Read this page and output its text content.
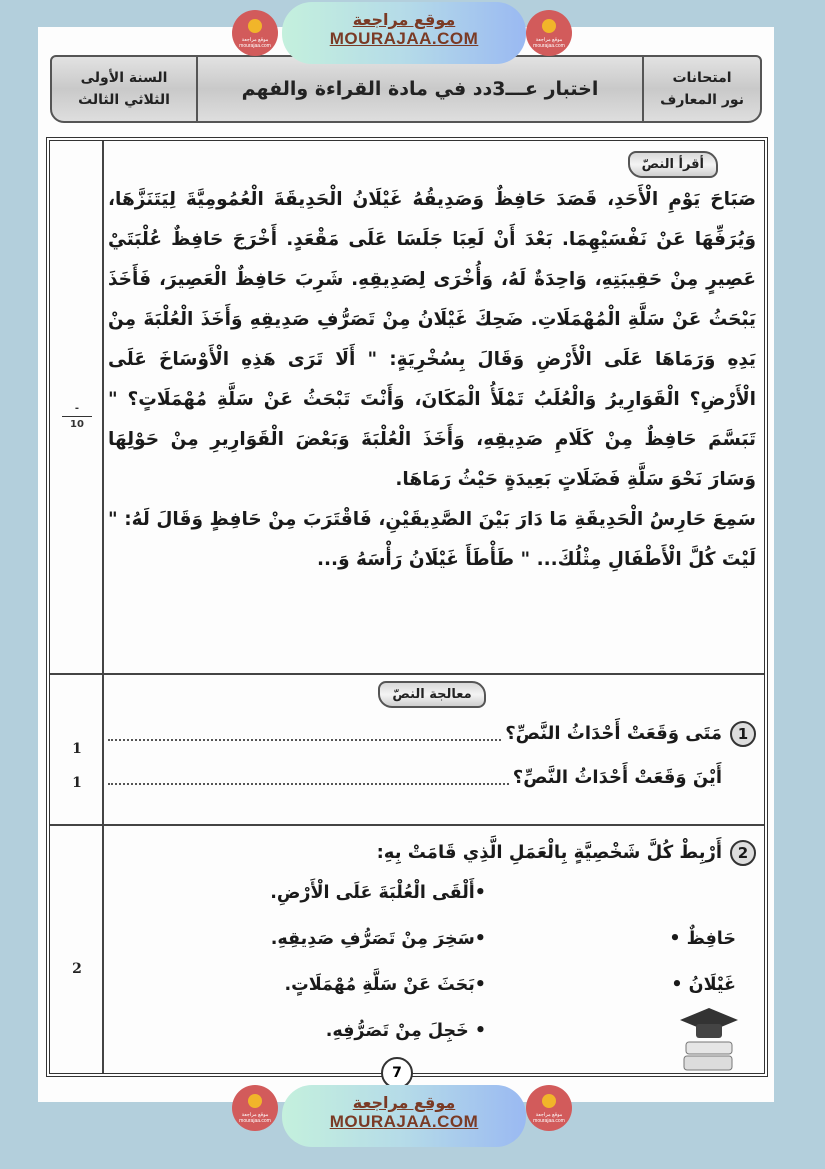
موقع مراجعة mourajaa.com
موقع مراجعة
MOURAJAA.COM	موقع مراجعة mourajaa.com
السنة الأولى
الثلاثي الثالث	اختبار عـــ3دد في مادة القراءة والفهم	امتحانات
نور المعارف
-
10
1
1
2
أقرأ النصّ

صَبَاحَ يَوْمِ الْأَحَدِ، قَصَدَ حَافِظٌ وَصَدِيقُهُ غَيْلَانُ الْحَدِيقَةَ الْعُمُومِيَّةَ لِيَتَنَزَّهَا، وَيُرَفِّهَا عَنْ نَفْسَيْهِمَا. بَعْدَ أَنْ لَعِبَا جَلَسَا عَلَى مَقْعَدٍ. أَخْرَجَ حَافِظٌ عُلْبَتَيْ عَصِيرٍ مِنْ حَقِيبَتِهِ، وَاحِدَةٌ لَهُ، وَأُخْرَى لِصَدِيقِهِ. شَرِبَ حَافِظٌ الْعَصِيرَ، فَأَخَذَ يَبْحَثُ عَنْ سَلَّةِ الْمُهْمَلَاتِ. ضَحِكَ غَيْلَانُ مِنْ تَصَرُّفِ صَدِيقِهِ وَأَخَذَ الْعُلْبَةَ مِنْ يَدِهِ وَرَمَاهَا عَلَى الْأَرْضِ وَقَالَ بِسُخْرِيَةٍ: " أَلَا تَرَى هَذِهِ الْأَوْسَاخَ عَلَى الْأَرْضِ؟ الْقَوَارِيرُ وَالْعُلَبُ تَمْلَأُ الْمَكَانَ، وَأَنْتَ تَبْحَثُ عَنْ سَلَّةِ مُهْمَلَاتٍ؟ " تَبَسَّمَ حَافِظٌ مِنْ كَلَامِ صَدِيقِهِ، وَأَخَذَ الْعُلْبَةَ وَبَعْضَ الْقَوَارِيرِ مِنْ حَوْلِهَا وَسَارَ نَحْوَ سَلَّةِ فَضَلَاتٍ بَعِيدَةٍ حَيْثُ رَمَاهَا.

سَمِعَ حَارِسُ الْحَدِيقَةِ مَا دَارَ بَيْنَ الصَّدِيقَيْنِ، فَاقْتَرَبَ مِنْ حَافِظٍ وَقَالَ لَهُ: " لَيْتَ كُلَّ الْأَطْفَالِ مِثْلُكَ... " طَأْطَأَ غَيْلَانُ رَأْسَهُ وَ...

معالجة النصّ
1
مَتَى وَقَعَتْ أَحْدَاثُ النَّصِّ؟
أَيْنَ وَقَعَتْ أَحْدَاثُ النَّصِّ؟
2
أَرْبِطْ كُلَّ شَخْصِيَّةٍ بِالْعَمَلِ الَّذِي قَامَتْ بِهِ:
حَافِظٌ •
غَيْلَانُ •
•أَلْقَى الْعُلْبَةَ عَلَى الْأَرْضِ.
•سَخِرَ مِنْ تَصَرُّفِ صَدِيقِهِ.
•بَحَثَ عَنْ سَلَّةِ مُهْمَلَاتٍ.
• خَجِلَ مِنْ تَصَرُّفِهِ.
7
موقع مراجعة mourajaa.com
موقع مراجعة
MOURAJAA.COM	موقع مراجعة mourajaa.com
